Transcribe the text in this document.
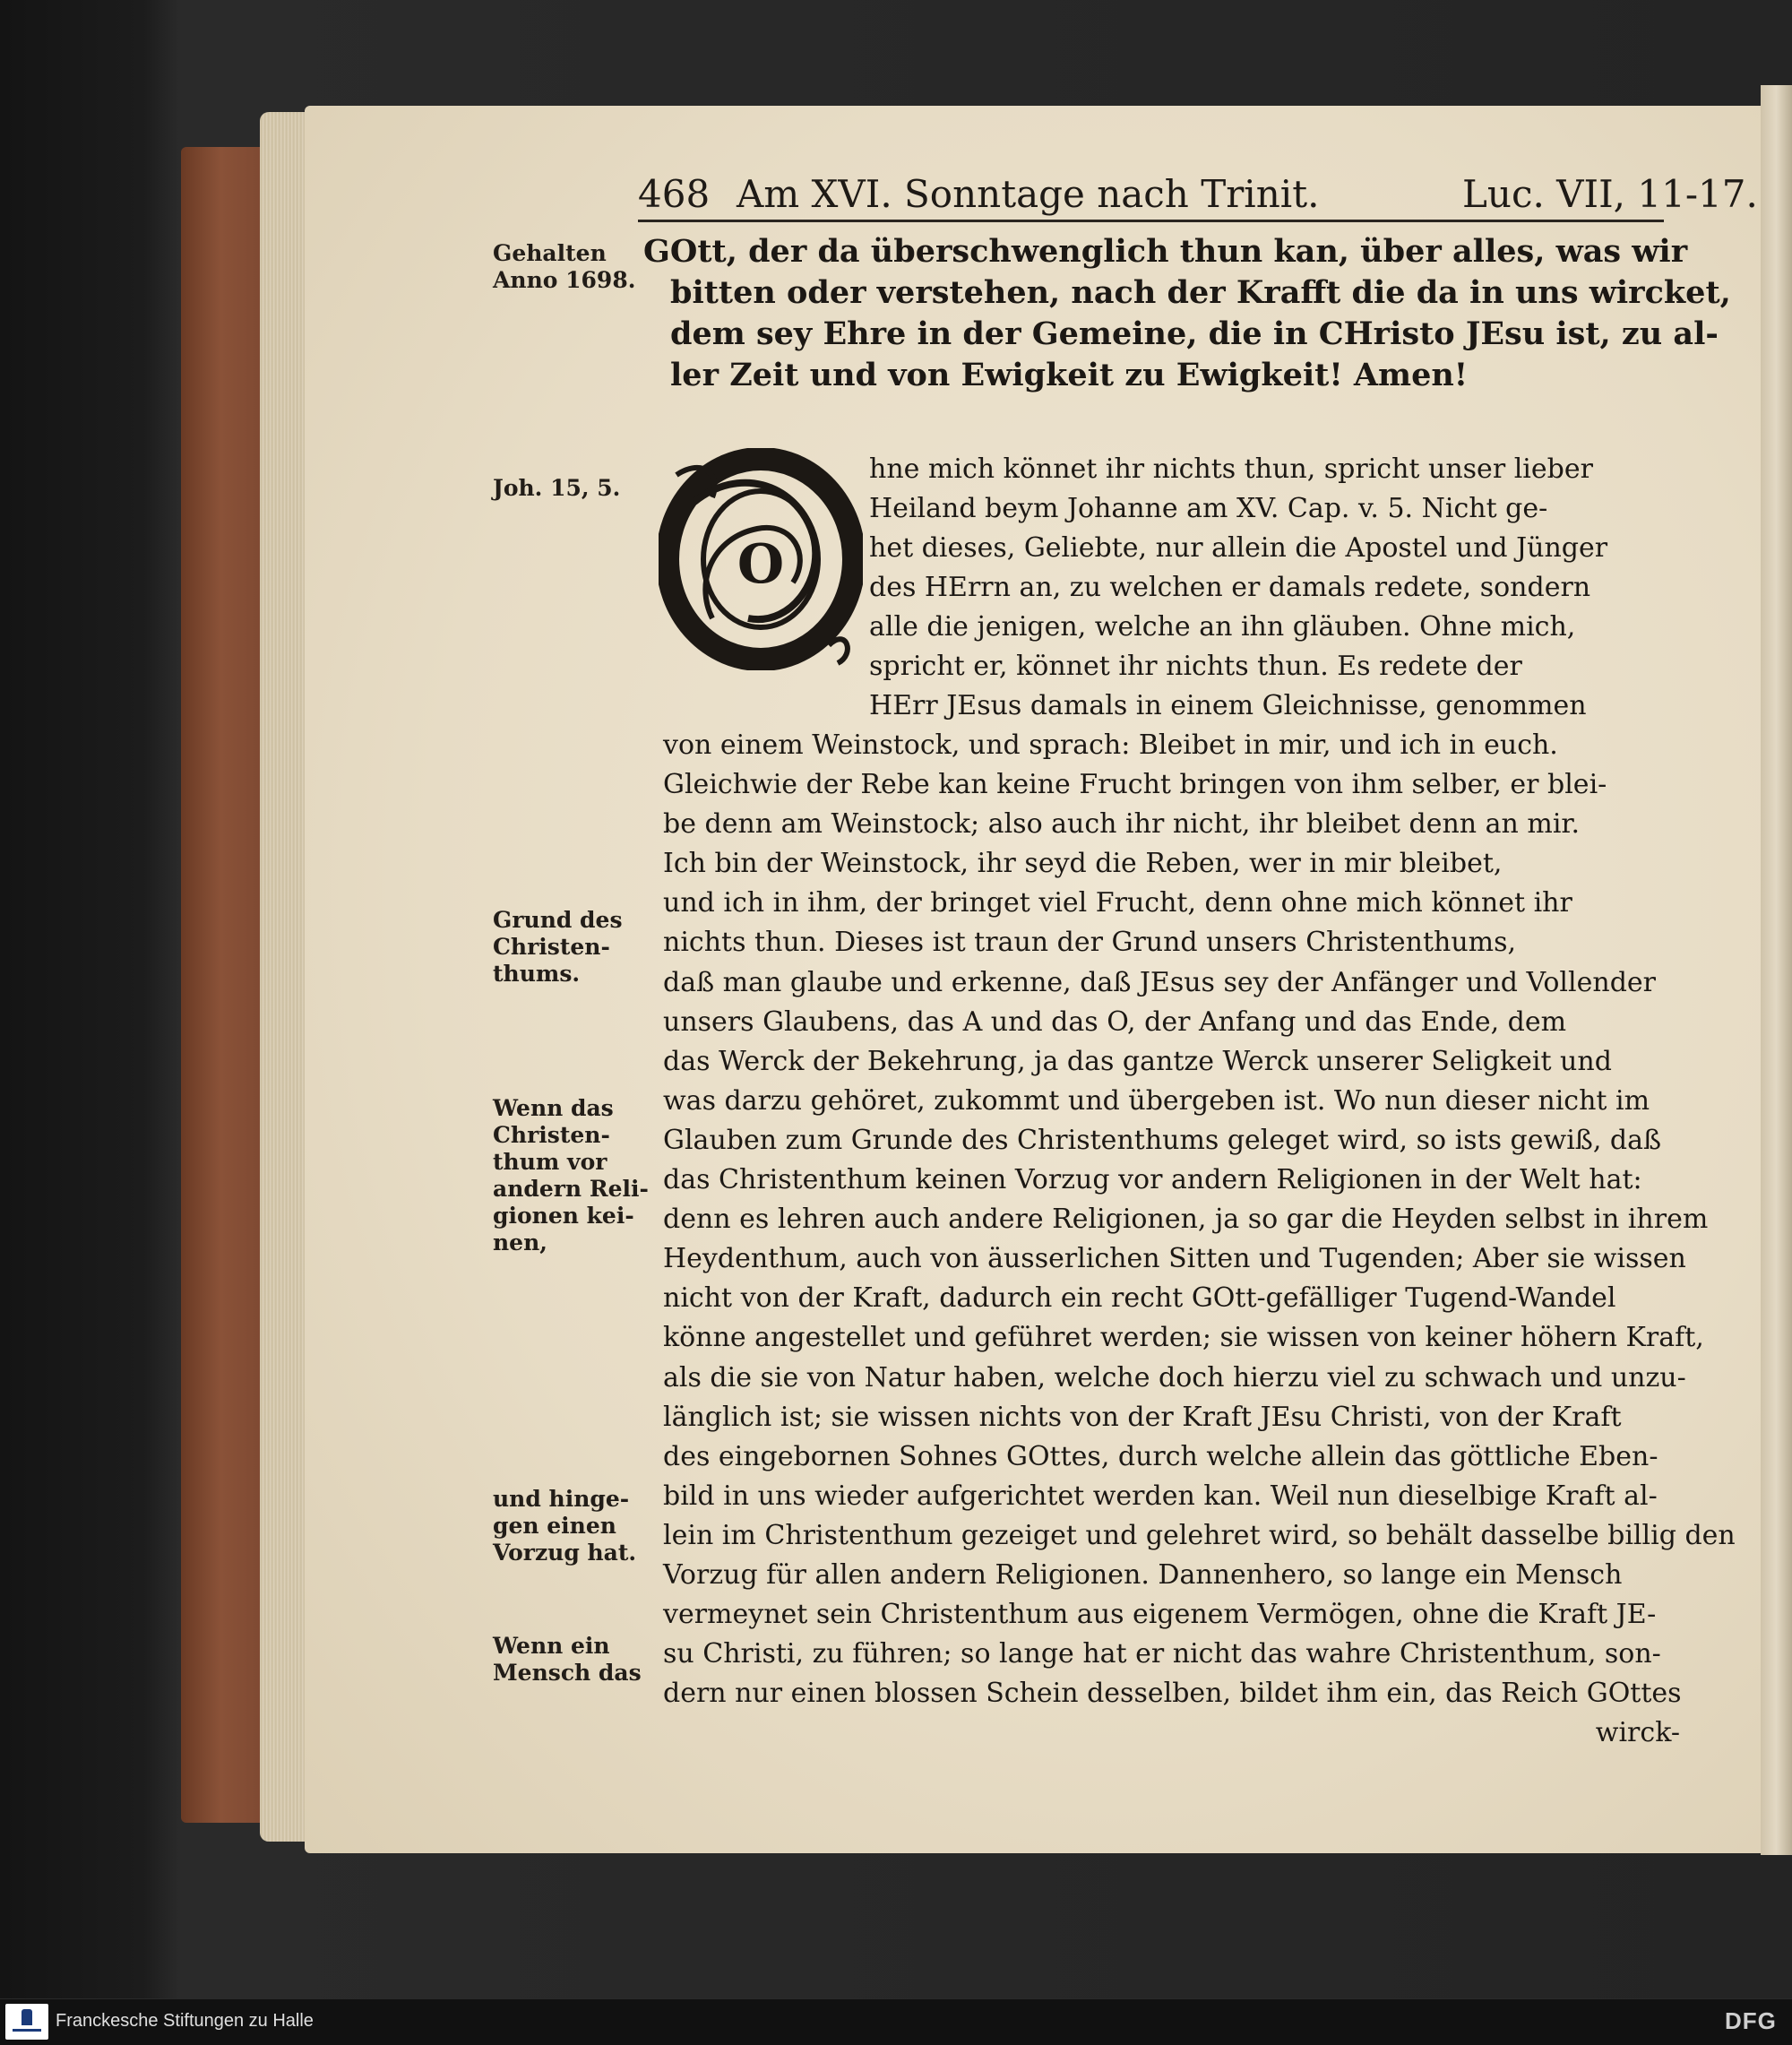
468 Am XVI. Sonntage nach Trinit.	Luc. VII, 11-17.
Gehalten
Anno 1698.
Joh. 15, 5.
Grund des
Christen-
thums.
Wenn das
Christen-
thum vor
andern Reli-
gionen kei-
nen,
und hinge-
gen einen
Vorzug hat.
Wenn ein
Mensch das
GOtt, der da überschwenglich thun kan, über alles, was wir
bitten oder verstehen, nach der Krafft die da in uns wircket,
dem sey Ehre in der Gemeine, die in CHristo JEsu ist, zu al-
ler Zeit und von Ewigkeit zu Ewigkeit! Amen!
O
hne mich könnet ihr nichts thun, spricht unser lieber
Heiland beym Johanne am XV. Cap. v. 5. Nicht ge-
het dieses, Geliebte, nur allein die Apostel und Jünger
des HErrn an, zu welchen er damals redete, sondern
alle die jenigen, welche an ihn gläuben. Ohne mich,
spricht er, könnet ihr nichts thun. Es redete der
HErr JEsus damals in einem Gleichnisse, genommen
von einem Weinstock, und sprach: Bleibet in mir, und ich in euch.
Gleichwie der Rebe kan keine Frucht bringen von ihm selber, er blei-
be denn am Weinstock; also auch ihr nicht, ihr bleibet denn an mir.
Ich bin der Weinstock, ihr seyd die Reben, wer in mir bleibet,
und ich in ihm, der bringet viel Frucht, denn ohne mich könnet ihr
nichts thun. Dieses ist traun der Grund unsers Christenthums,
daß man glaube und erkenne, daß JEsus sey der Anfänger und Vollender
unsers Glaubens, das A und das O, der Anfang und das Ende, dem
das Werck der Bekehrung, ja das gantze Werck unserer Seligkeit und
was darzu gehöret, zukommt und übergeben ist. Wo nun dieser nicht im
Glauben zum Grunde des Christenthums geleget wird, so ists gewiß, daß
das Christenthum keinen Vorzug vor andern Religionen in der Welt hat:
denn es lehren auch andere Religionen, ja so gar die Heyden selbst in ihrem
Heydenthum, auch von äusserlichen Sitten und Tugenden; Aber sie wissen
nicht von der Kraft, dadurch ein recht GOtt-gefälliger Tugend-Wandel
könne angestellet und geführet werden; sie wissen von keiner höhern Kraft,
als die sie von Natur haben, welche doch hierzu viel zu schwach und unzu-
länglich ist; sie wissen nichts von der Kraft JEsu Christi, von der Kraft
des eingebornen Sohnes GOttes, durch welche allein das göttliche Eben-
bild in uns wieder aufgerichtet werden kan. Weil nun dieselbige Kraft al-
lein im Christenthum gezeiget und gelehret wird, so behält dasselbe billig den
Vorzug für allen andern Religionen. Dannenhero, so lange ein Mensch
vermeynet sein Christenthum aus eigenem Vermögen, ohne die Kraft JE-
su Christi, zu führen; so lange hat er nicht das wahre Christenthum, son-
dern nur einen blossen Schein desselben, bildet ihm ein, das Reich GOttes
wirck-
Franckesche Stiftungen zu Halle	DFG
